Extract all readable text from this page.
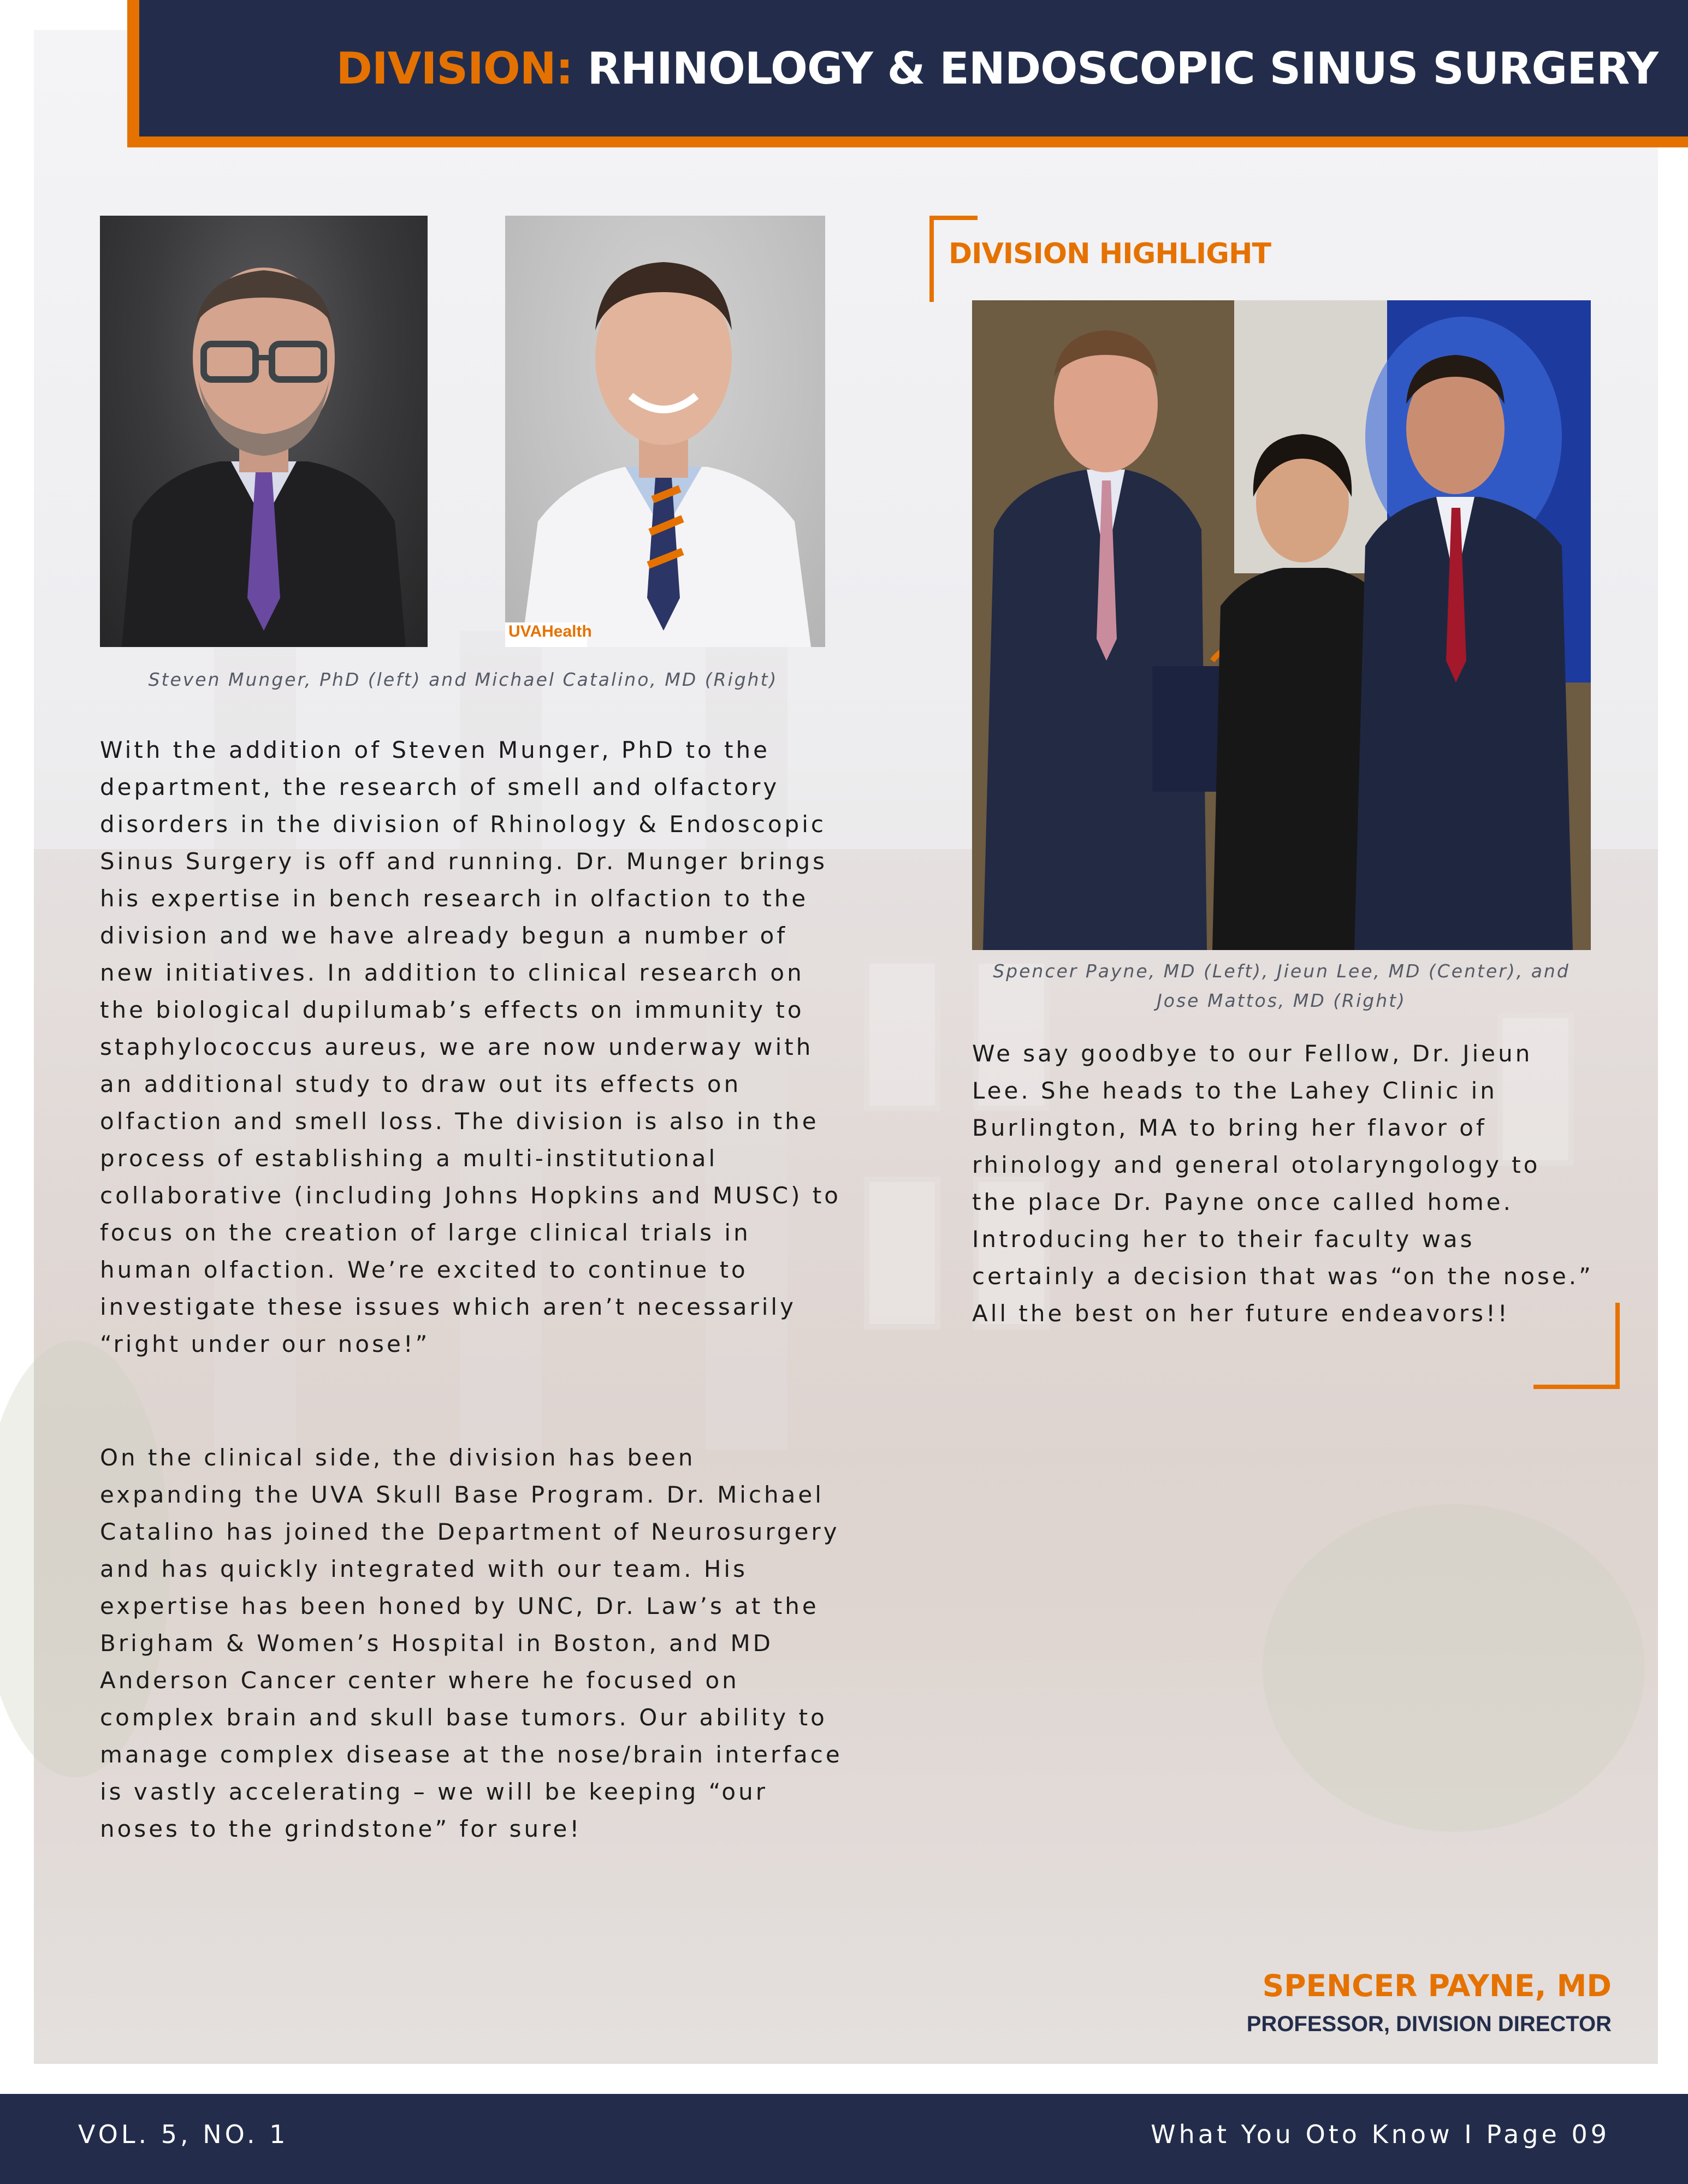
DIVISION: RHINOLOGY & ENDOSCOPIC SINUS SURGERY
UVAHealth
Steven Munger, PhD (left) and Michael Catalino, MD (Right)
With the addition of Steven Munger, PhD to the department, the research of smell and olfactory disorders in the division of Rhinology & Endoscopic Sinus Surgery is off and running. Dr. Munger brings his expertise in bench research in olfaction to the division and we have already begun a number of new initiatives. In addition to clinical research on the biological dupilumab’s effects on immunity to staphylococcus aureus, we are now underway with an additional study to draw out its effects on olfaction and smell loss. The division is also in the process of establishing a multi-institutional collaborative (including Johns Hopkins and MUSC) to focus on the creation of large clinical trials in human olfaction. We’re excited to continue to investigate these issues which aren’t necessarily “right under our nose!”
On the clinical side, the division has been expanding the UVA Skull Base Program. Dr. Michael Catalino has joined the Department of Neurosurgery and has quickly integrated with our team. His expertise has been honed by UNC, Dr. Law’s at the Brigham & Women’s Hospital in Boston, and MD Anderson Cancer center where he focused on complex brain and skull base tumors. Our ability to manage complex disease at the nose/brain interface is vastly accelerating – we will be keeping “our noses to the grindstone” for sure!
DIVISION HIGHLIGHT
Spencer Payne, MD (Left), Jieun Lee, MD (Center), and Jose Mattos, MD (Right)
We say goodbye to our Fellow, Dr. Jieun Lee. She heads to the Lahey Clinic in Burlington, MA to bring her flavor of rhinology and general otolaryngology to the place Dr. Payne once called home. Introducing her to their faculty was certainly a decision that was “on the nose.” All the best on her future endeavors!!
SPENCER PAYNE, MD
PROFESSOR, DIVISION DIRECTOR
VOL. 5, NO. 1	What You Oto Know I Page 09
